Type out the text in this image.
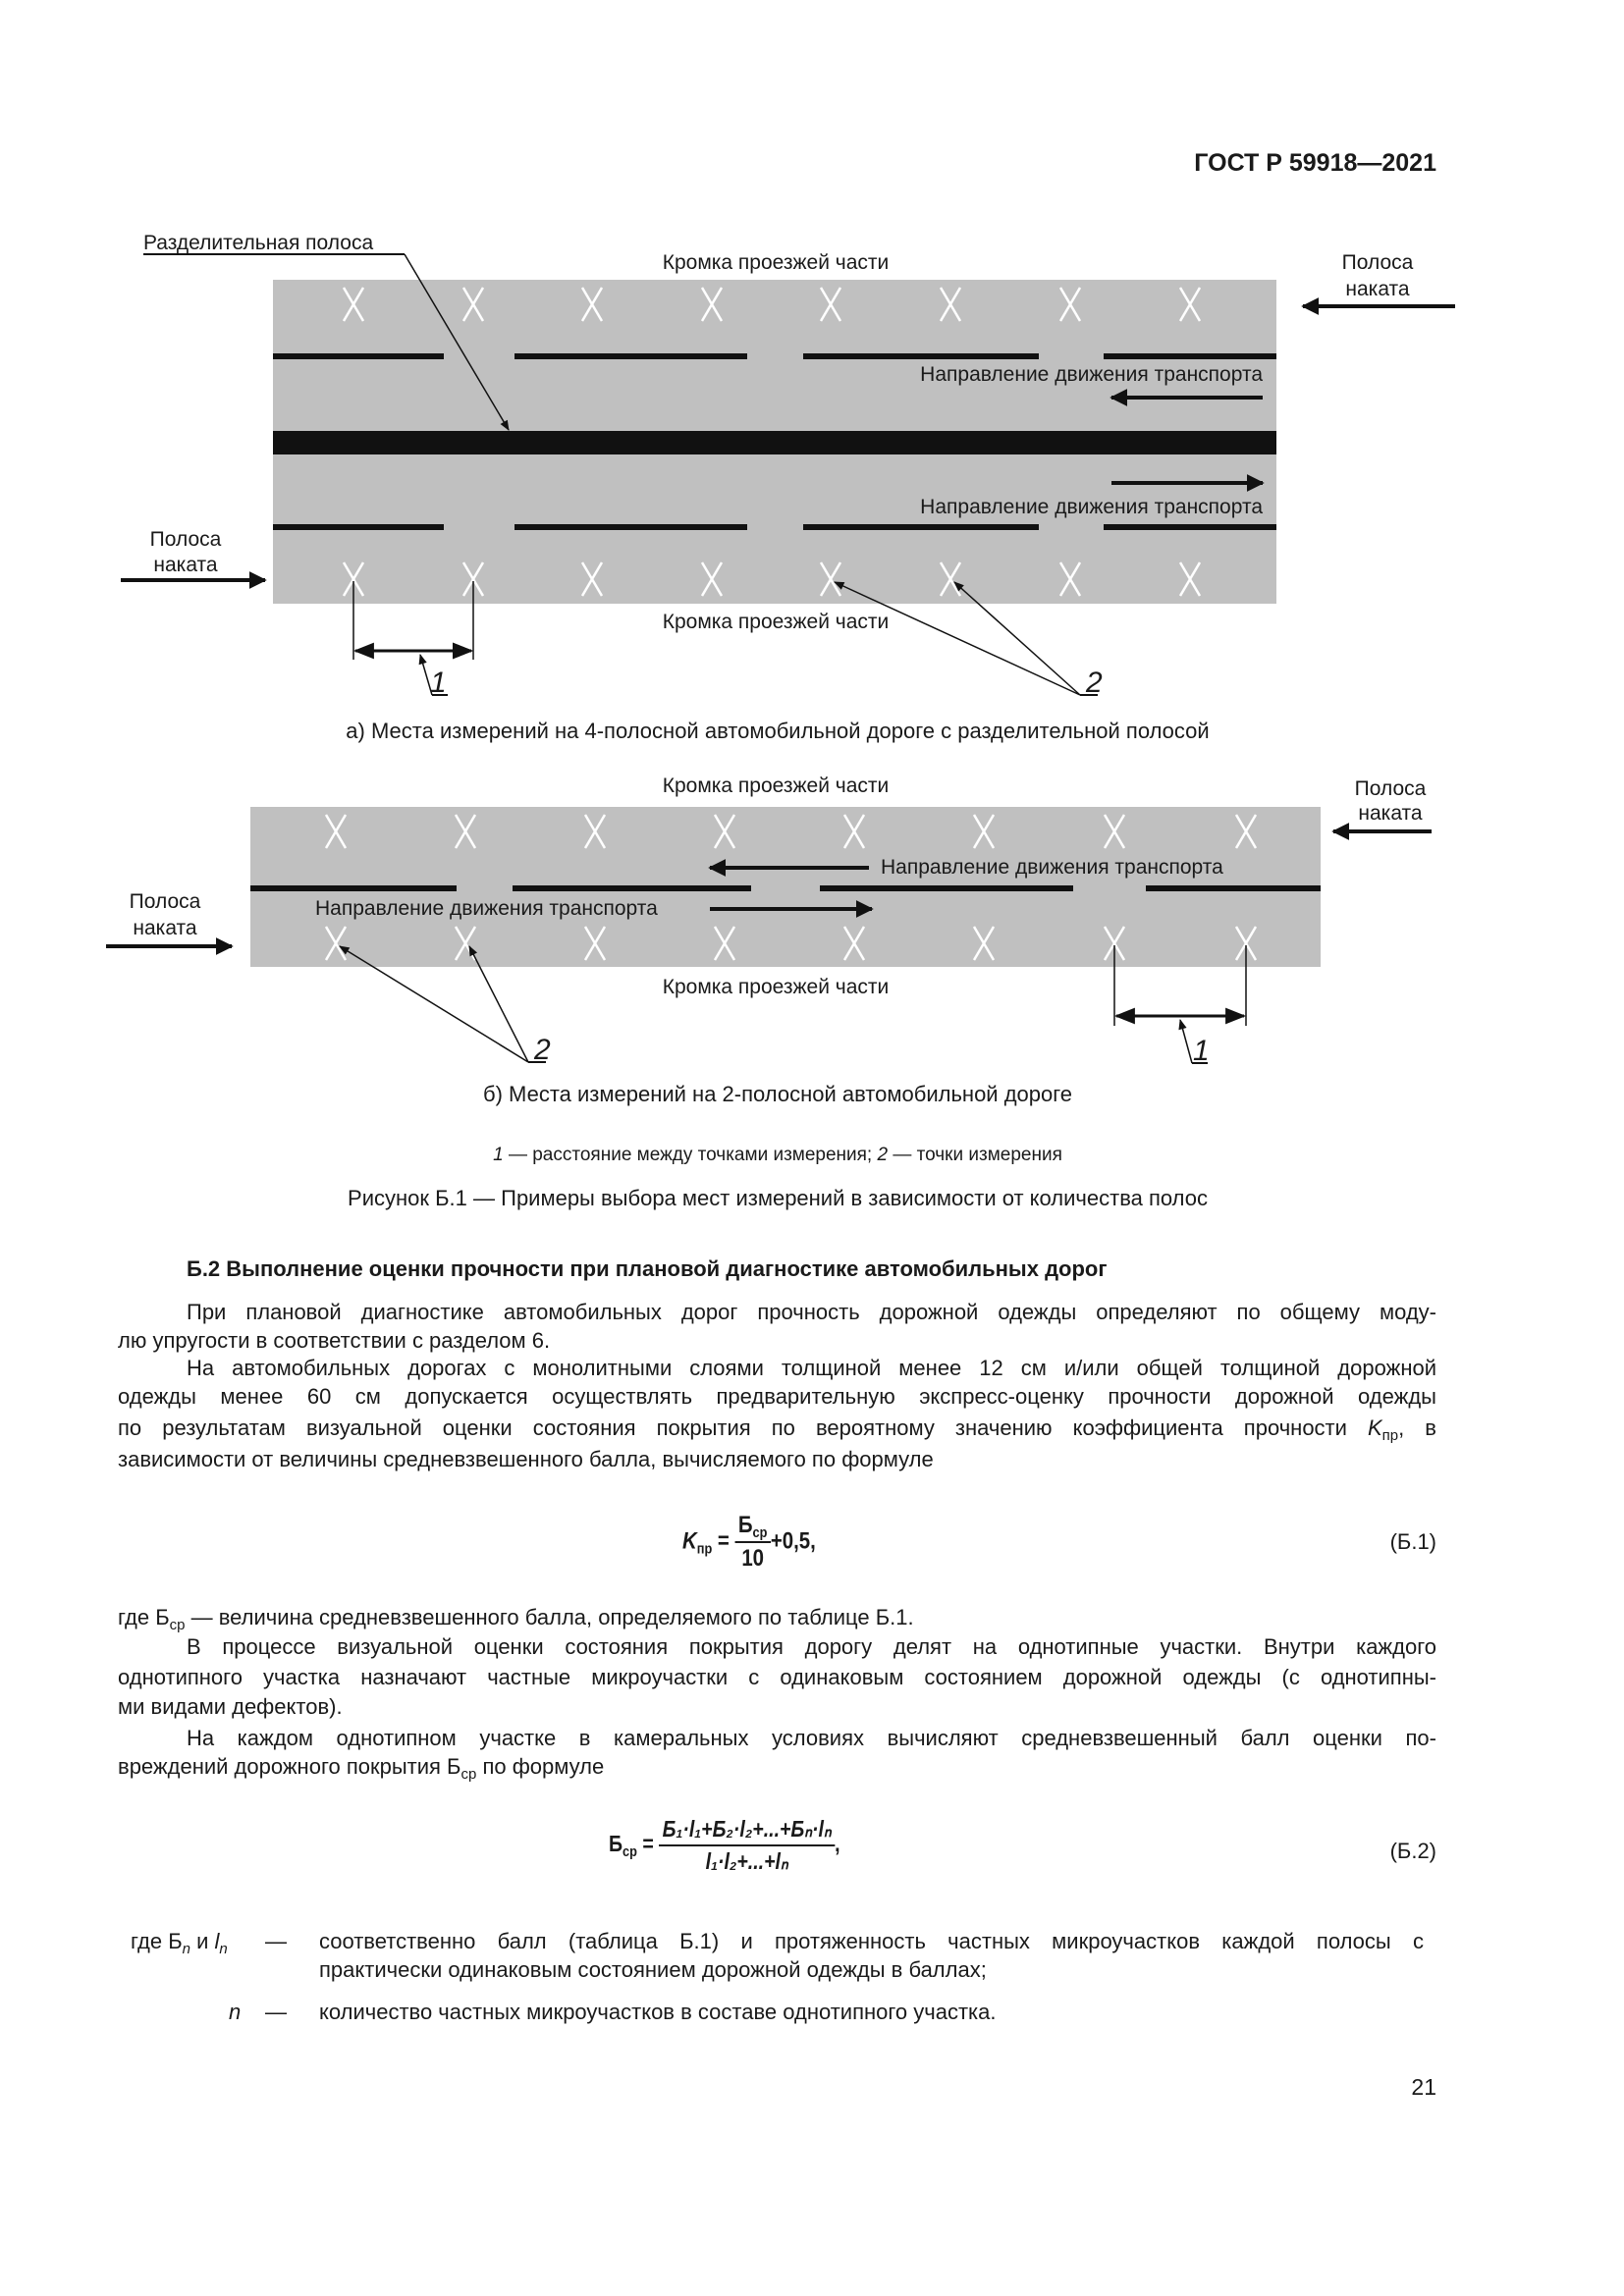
ГОСТ Р 59918—2021
Разделительная полоса
Кромка проезжей части
Кромка проезжей части
Полоса
наката
Полоса
наката
Направление движения транспорта
Направление движения транспорта
1	2
а) Места измерений на 4-полосной автомобильной дороге с разделительной полосой
Кромка проезжей части
Направление движения транспорта
Направление движения транспорта
Полоса
наката
Полоса
наката
Кромка проезжей части
1
2
б) Места измерений на 2-полосной автомобильной дороге
1 — расстояние между точками измерения; 2 — точки измерения
Рисунок Б.1 — Примеры выбора мест измерений в зависимости от количества полос
Б.2 Выполнение оценки прочности при плановой диагностике автомобильных дорог
При плановой диагностике автомобильных дорог прочность дорожной одежды определяют по общему моду-
лю упругости в соответствии с разделом 6.
На автомобильных дорогах с монолитными слоями толщиной менее 12 см и/или общей толщиной дорожной
одежды менее 60 см допускается осуществлять предварительную экспресс-оценку прочности дорожной одежды
по результатам визуальной оценки состояния покрытия по вероятному значению коэффициента прочности $K_{пр}$, в
зависимости от величины средневзвешенного балла, вычисляемого по формуле
$K_{пр} = \frac{Б_{ср}}{10} +0,5$,	(Б.1)
где $Б_{ср}$ — величина средневзвешенного балла, определяемого по таблице Б.1.
В процессе визуальной оценки состояния покрытия дорогу делят на однотипные участки. Внутри каждого
однотипного участка назначают частные микроучастки с одинаковым состоянием дорожной одежды (с однотипны-
ми видами дефектов).
На каждом однотипном участке в камеральных условиях вычисляют средневзвешенный балл оценки по-
вреждений дорожного покрытия $Б_{ср}$ по формуле
$Б_{ср} = \frac{\text{Б₁·l₁+Б₂·l₂+...+Бₙ·lₙ}}{\text{l₁·l₂+...+lₙ}}$ ,	(Б.2)
где $Б_n$ и $l_n$	—	соответственно балл (таблица Б.1) и протяженность частных микроучастков каждой полосы с
практически одинаковым состоянием дорожной одежды в баллах;
n	—	количество частных микроучастков в составе однотипного участка.
21
